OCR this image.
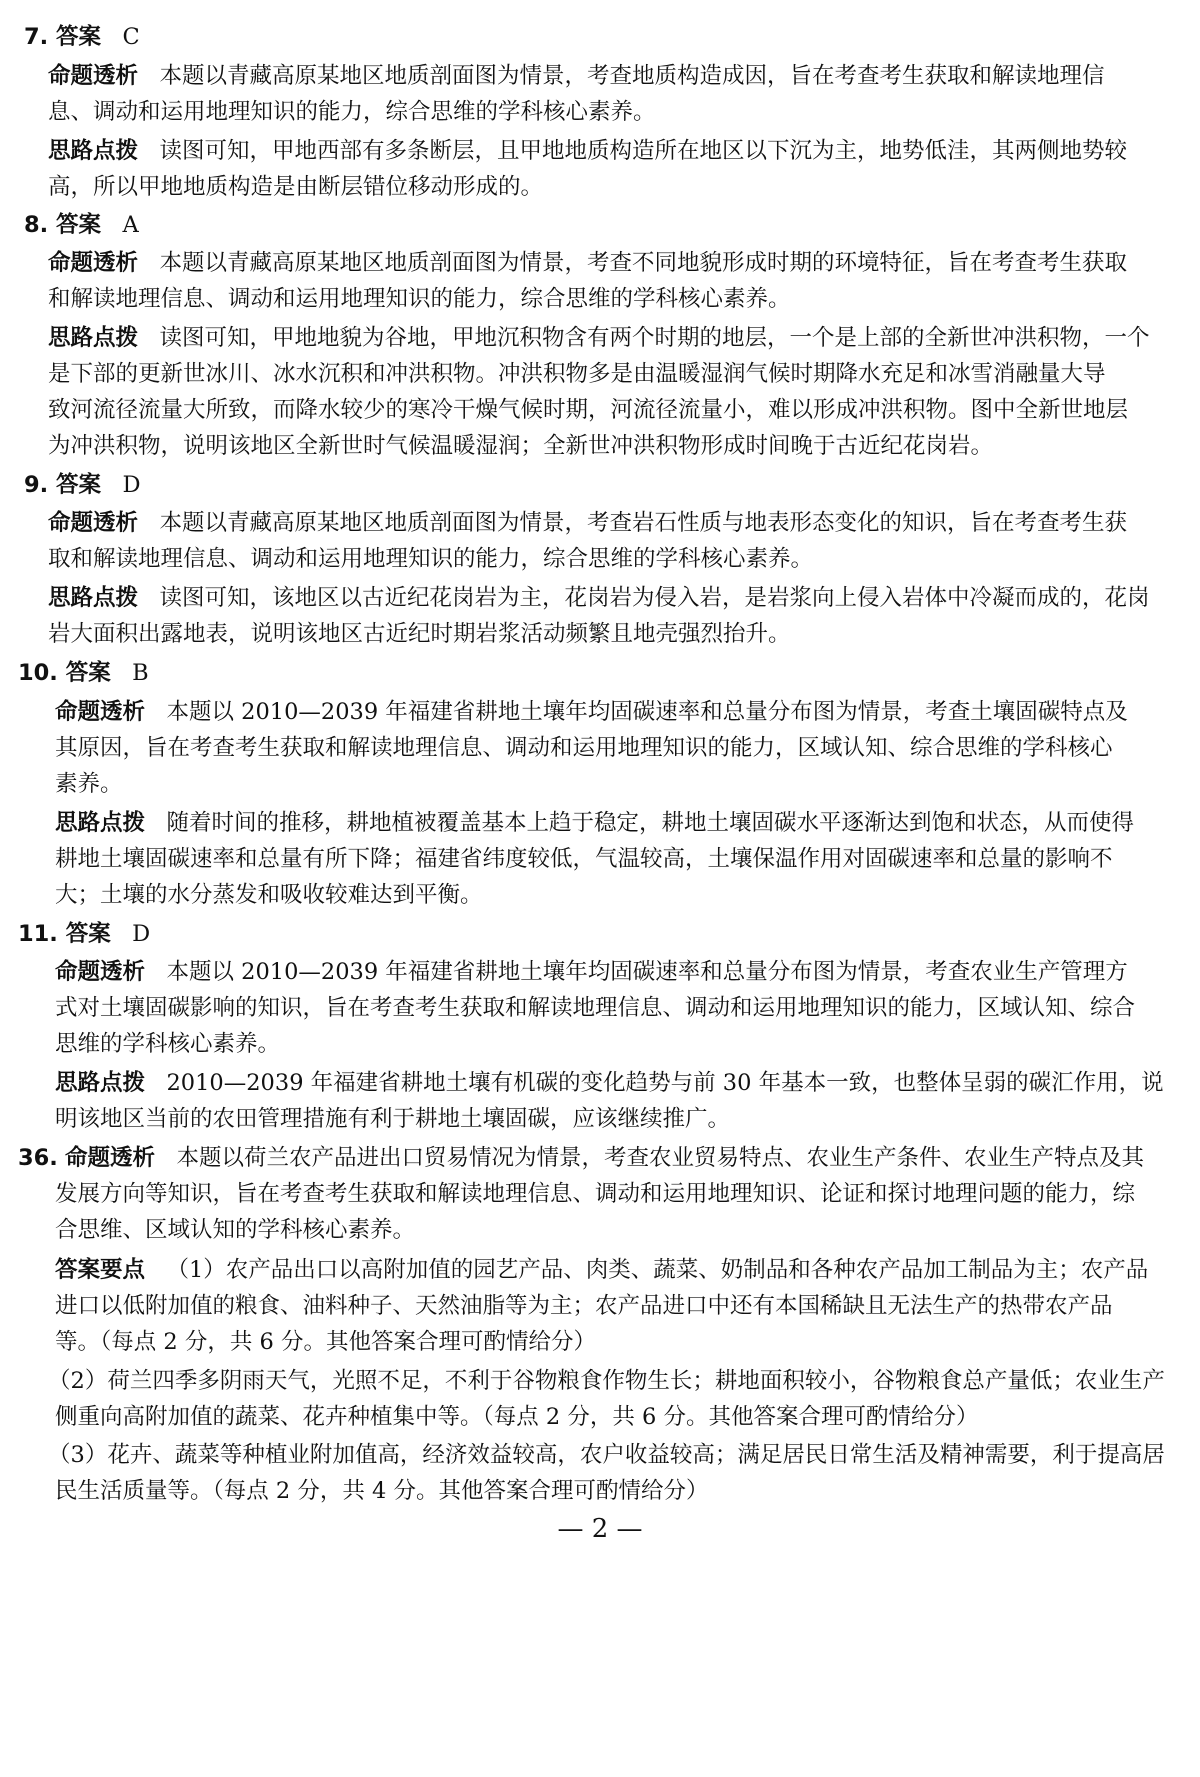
7. 答案 C
命题透析 本题以青藏高原某地区地质剖面图为情景，考查地质构造成因，旨在考查考生获取和解读地理信
息、调动和运用地理知识的能力，综合思维的学科核心素养。
思路点拨 读图可知，甲地西部有多条断层，且甲地地质构造所在地区以下沉为主，地势低洼，其两侧地势较
高，所以甲地地质构造是由断层错位移动形成的。
8. 答案 A
命题透析 本题以青藏高原某地区地质剖面图为情景，考查不同地貌形成时期的环境特征，旨在考查考生获取
和解读地理信息、调动和运用地理知识的能力，综合思维的学科核心素养。
思路点拨 读图可知，甲地地貌为谷地，甲地沉积物含有两个时期的地层，一个是上部的全新世冲洪积物，一个
是下部的更新世冰川、冰水沉积和冲洪积物。冲洪积物多是由温暖湿润气候时期降水充足和冰雪消融量大导
致河流径流量大所致，而降水较少的寒冷干燥气候时期，河流径流量小，难以形成冲洪积物。图中全新世地层
为冲洪积物，说明该地区全新世时气候温暖湿润；全新世冲洪积物形成时间晚于古近纪花岗岩。
9. 答案 D
命题透析 本题以青藏高原某地区地质剖面图为情景，考查岩石性质与地表形态变化的知识，旨在考查考生获
取和解读地理信息、调动和运用地理知识的能力，综合思维的学科核心素养。
思路点拨 读图可知，该地区以古近纪花岗岩为主，花岗岩为侵入岩，是岩浆向上侵入岩体中冷凝而成的，花岗
岩大面积出露地表，说明该地区古近纪时期岩浆活动频繁且地壳强烈抬升。
10. 答案 B
命题透析 本题以 2010—2039 年福建省耕地土壤年均固碳速率和总量分布图为情景，考查土壤固碳特点及
其原因，旨在考查考生获取和解读地理信息、调动和运用地理知识的能力，区域认知、综合思维的学科核心
素养。
思路点拨 随着时间的推移，耕地植被覆盖基本上趋于稳定，耕地土壤固碳水平逐渐达到饱和状态，从而使得
耕地土壤固碳速率和总量有所下降；福建省纬度较低，气温较高，土壤保温作用对固碳速率和总量的影响不
大；土壤的水分蒸发和吸收较难达到平衡。
11. 答案 D
命题透析 本题以 2010—2039 年福建省耕地土壤年均固碳速率和总量分布图为情景，考查农业生产管理方
式对土壤固碳影响的知识，旨在考查考生获取和解读地理信息、调动和运用地理知识的能力，区域认知、综合
思维的学科核心素养。
思路点拨 2010—2039 年福建省耕地土壤有机碳的变化趋势与前 30 年基本一致，也整体呈弱的碳汇作用，说
明该地区当前的农田管理措施有利于耕地土壤固碳，应该继续推广。
36. 命题透析 本题以荷兰农产品进出口贸易情况为情景，考查农业贸易特点、农业生产条件、农业生产特点及其
发展方向等知识，旨在考查考生获取和解读地理信息、调动和运用地理知识、论证和探讨地理问题的能力，综
合思维、区域认知的学科核心素养。
答案要点 （1）农产品出口以高附加值的园艺产品、肉类、蔬菜、奶制品和各种农产品加工制品为主；农产品
进口以低附加值的粮食、油料种子、天然油脂等为主；农产品进口中还有本国稀缺且无法生产的热带农产品
等。（每点 2 分，共 6 分。其他答案合理可酌情给分）
（2）荷兰四季多阴雨天气，光照不足，不利于谷物粮食作物生长；耕地面积较小，谷物粮食总产量低；农业生产
侧重向高附加值的蔬菜、花卉种植集中等。（每点 2 分，共 6 分。其他答案合理可酌情给分）
（3）花卉、蔬菜等种植业附加值高，经济效益较高，农户收益较高；满足居民日常生活及精神需要，利于提高居
民生活质量等。（每点 2 分，共 4 分。其他答案合理可酌情给分）
— 2 —
